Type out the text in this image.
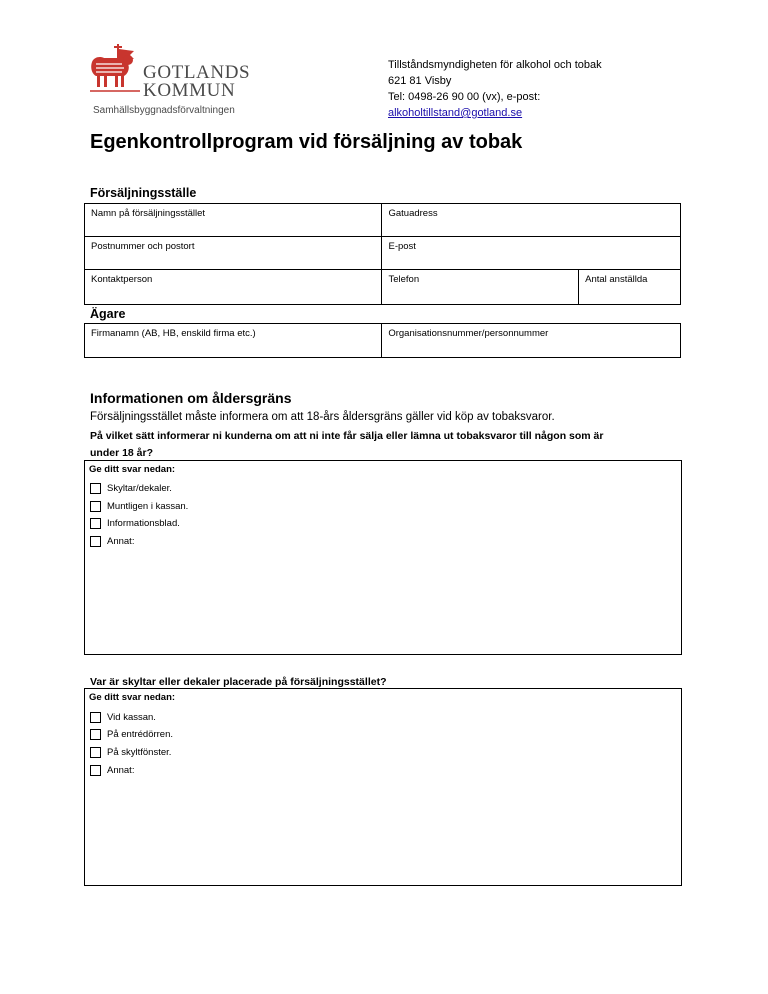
GOTLANDS
KOMMUN
Samhällsbyggnadsförvaltningen
Tillståndsmyndigheten för alkohol och tobak
621 81 Visby
Tel: 0498-26 90 00 (vx), e-post:
alkoholtillstand@gotland.se
Egenkontrollprogram vid försäljning av tobak
Försäljningsställe
Namn på försäljningsstället	Gatuadress	
Postnummer och postort	E-post	
Kontaktperson	Telefon	Antal anställda
Ägare
Firmanamn (AB, HB, enskild firma etc.)	Organisationsnummer/personnummer
Informationen om åldersgräns
Försäljningsstället måste informera om att 18-års åldersgräns gäller vid köp av tobaksvaror.
På vilket sätt informerar ni kunderna om att ni inte får sälja eller lämna ut tobaksvaror till någon som är
under 18 år?
Ge ditt svar nedan:
Skyltar/dekaler.
Muntligen i kassan.
Informationsblad.
Annat:
Var är skyltar eller dekaler placerade på försäljningsstället?
Ge ditt svar nedan:
Vid kassan.
På entrédörren.
På skyltfönster.
Annat:
